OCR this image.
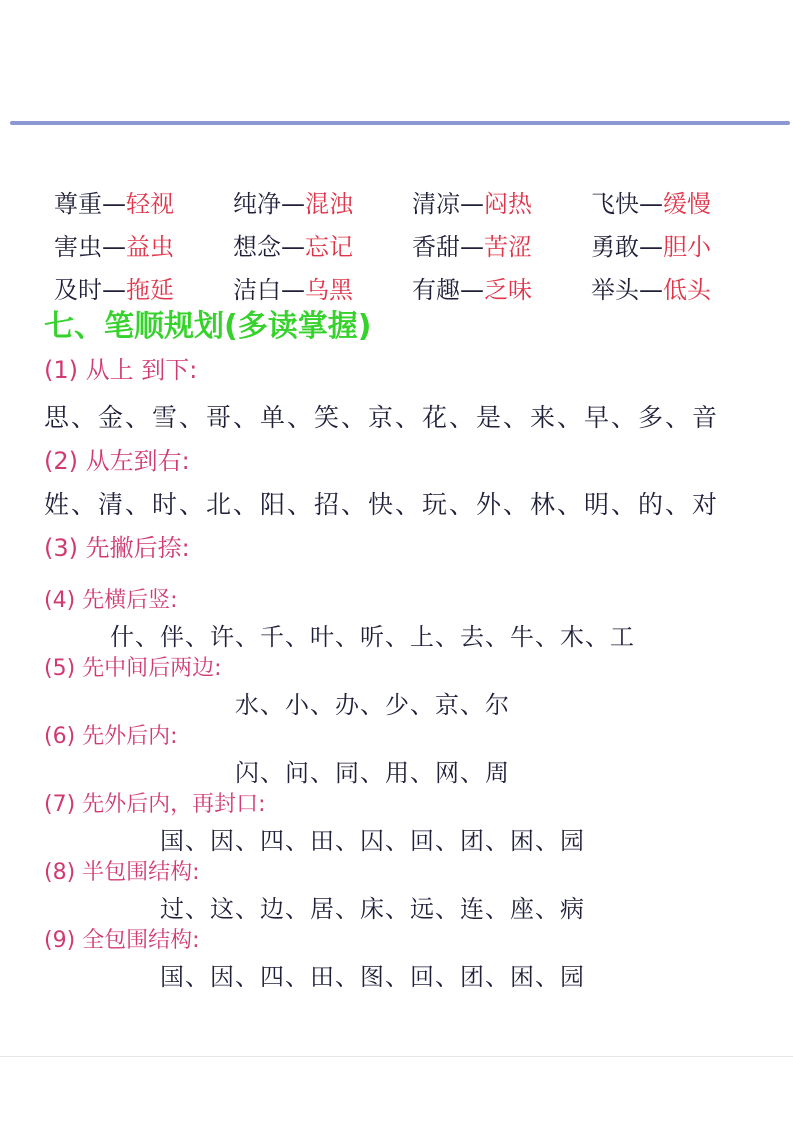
尊重—轻视	纯净—混浊	清凉—闷热	飞快—缓慢
害虫—益虫	想念—忘记	香甜—苦涩	勇敢—胆小
及时—拖延	洁白—乌黑	有趣—乏味	举头—低头
七、笔顺规划(多读掌握)
(1) 从上 到下:
思、金、雪、哥、单、笑、京、花、是、来、早、多、音
(2) 从左到右:
姓、清、时、北、阳、招、快、玩、外、林、明、的、对
(3) 先撇后捺:
(4) 先横后竖:
什、伴、许、千、叶、听、上、去、牛、木、工
(5) 先中间后两边:
水、小、办、少、京、尔
(6) 先外后内:
闪、问、同、用、网、周
(7) 先外后内，再封口:
国、因、四、田、囚、回、团、困、园
(8) 半包围结构:
过、这、边、居、床、远、连、座、病
(9) 全包围结构:
国、因、四、田、图、回、团、困、园
